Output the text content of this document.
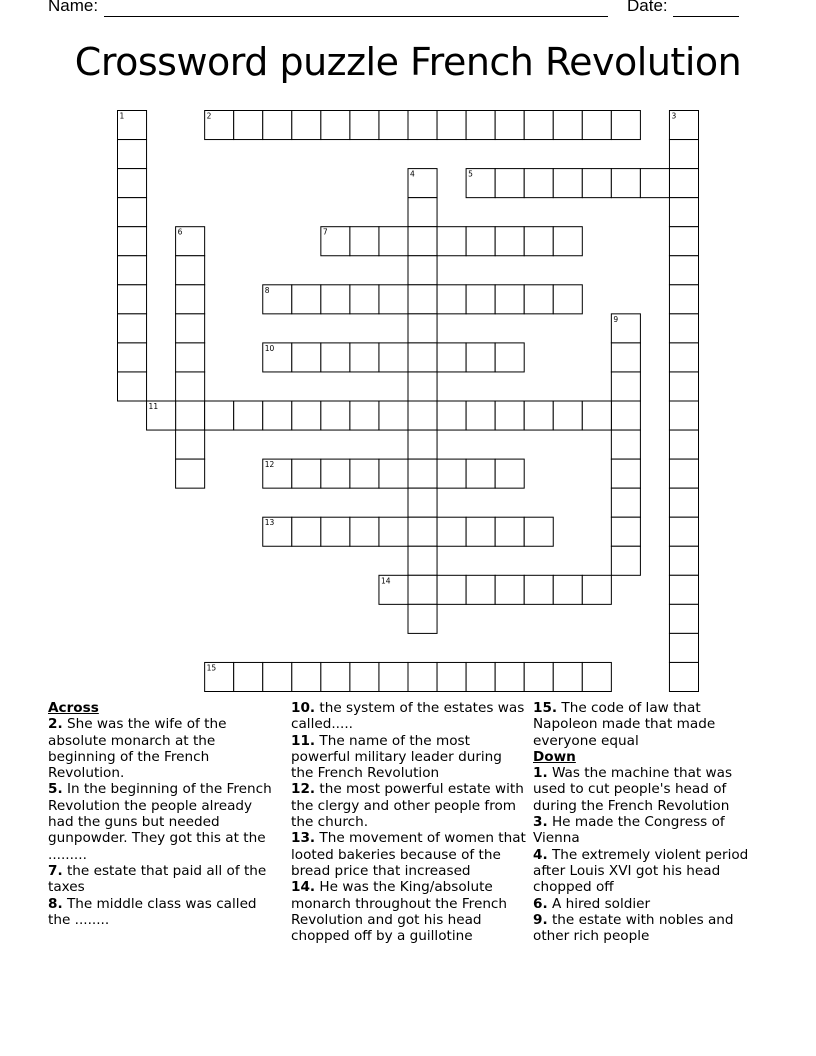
Name:	Date:
Crossword puzzle French Revolution
1	2	3
4	5
6	7
8
9
10
11
12
13
14
15
Across
2. She was the wife of the absolute monarch at the beginning of the French Revolution.
5. In the beginning of the French Revolution the people already had the guns but needed gunpowder. They got this at the .........
7. the estate that paid all of the taxes
8. The middle class was called the ........
10. the system of the estates was called.....
11. The name of the most powerful military leader during the French Revolution
12. the most powerful estate with the clergy and other people from the church.
13. The movement of women that looted bakeries because of the bread price that increased
14. He was the King/absolute monarch throughout the French Revolution and got his head chopped off by a guillotine
15. The code of law that Napoleon made that made everyone equal
Down
1. Was the machine that was used to cut people's head of during the French Revolution
3. He made the Congress of Vienna
4. The extremely violent period after Louis XVI got his head chopped off
6. A hired soldier
9. the estate with nobles and other rich people
